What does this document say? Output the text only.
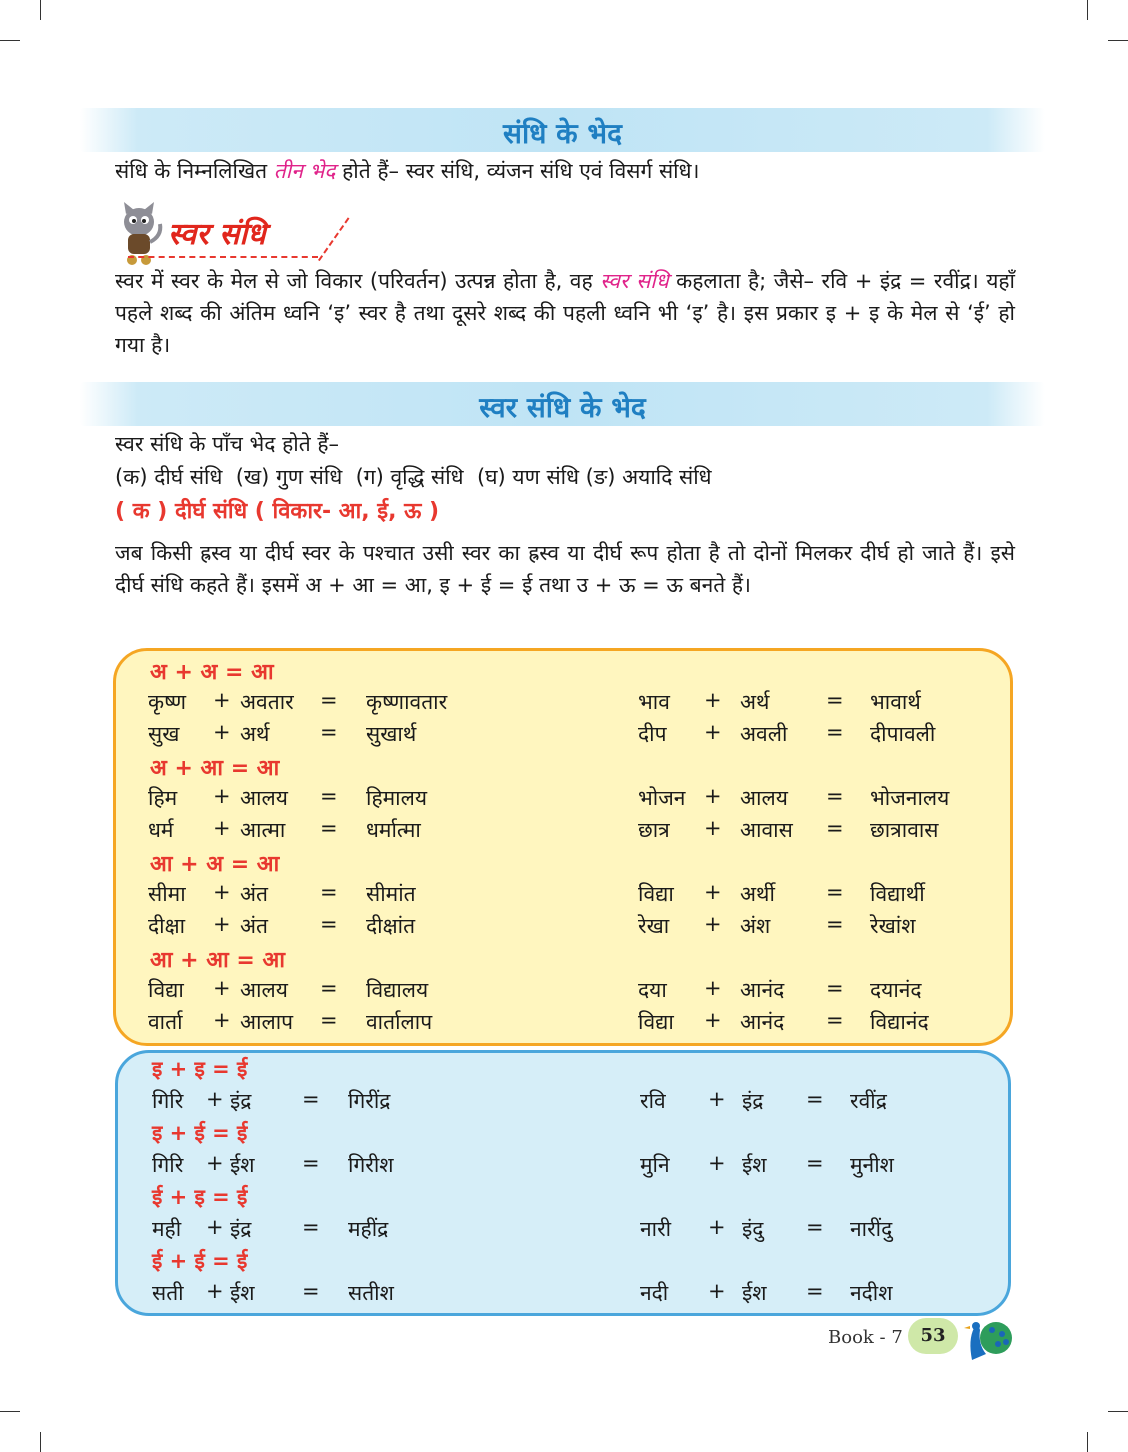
संधि के भेद

संधि के निम्नलिखित तीन भेद होते हैं– स्वर संधि, व्यंजन संधि एवं विसर्ग संधि।

स्वर संधि

स्वर में स्वर के मेल से जो विकार (परिवर्तन) उत्पन्न होता है, वह स्वर संधि कहलाता है; जैसे– रवि + इंद्र = रवींद्र। यहाँ पहले शब्द की अंतिम ध्वनि ‘इ’ स्वर है तथा दूसरे शब्द की पहली ध्वनि भी ‘इ’ है। इस प्रकार इ + इ के मेल से ‘ई’ हो गया है।

स्वर संधि के भेद

स्वर संधि के पाँच भेद होते हैं–

(क) दीर्घ संधि  (ख) गुण संधि  (ग) वृद्धि संधि  (घ) यण संधि (ङ) अयादि संधि

( क ) दीर्घ संधि ( विकार- आ, ई, ऊ )

जब किसी ह्रस्व या दीर्घ स्वर के पश्चात उसी स्वर का ह्रस्व या दीर्घ रूप होता है तो दोनों मिलकर दीर्घ हो जाते हैं। इसे दीर्घ संधि कहते हैं। इसमें अ + आ = आ, इ + ई = ई तथा उ + ऊ = ऊ बनते हैं।

अ + अ = आ
कृष्ण + अवतार = कृष्णावतार	भाव + अर्थ	= भावार्थ
सुख + अर्थ = सुखार्थ	दीप + अवली = दीपावली
अ + आ = आ
हिम + आलय = हिमालय	भोजन + आलय = भोजनालय
धर्म + आत्मा = धर्मात्मा	छात्र + आवास = छात्रावास
आ + अ = आ
सीमा + अंत = सीमांत	विद्या + अर्थी = विद्यार्थी
दीक्षा + अंत = दीक्षांत	रेखा + अंश	= रेखांश
आ + आ = आ
विद्या + आलय = विद्यालय	दया + आनंद = दयानंद
वार्ता + आलाप = वार्तालाप	विद्या + आनंद = विद्यानंद
इ + इ = ई
गिरि + इंद्र = गिरींद्र	रवि + इंद्र = रवींद्र
इ + ई = ई
गिरि + ईश = गिरीश	मुनि + ईश = मुनीश
ई + इ = ई
मही + इंद्र = महींद्र	नारी + इंदु = नारींदु
ई + ई = ई
सती + ईश = सतीश	नदी + ईश = नदीश
Book - 7 53
